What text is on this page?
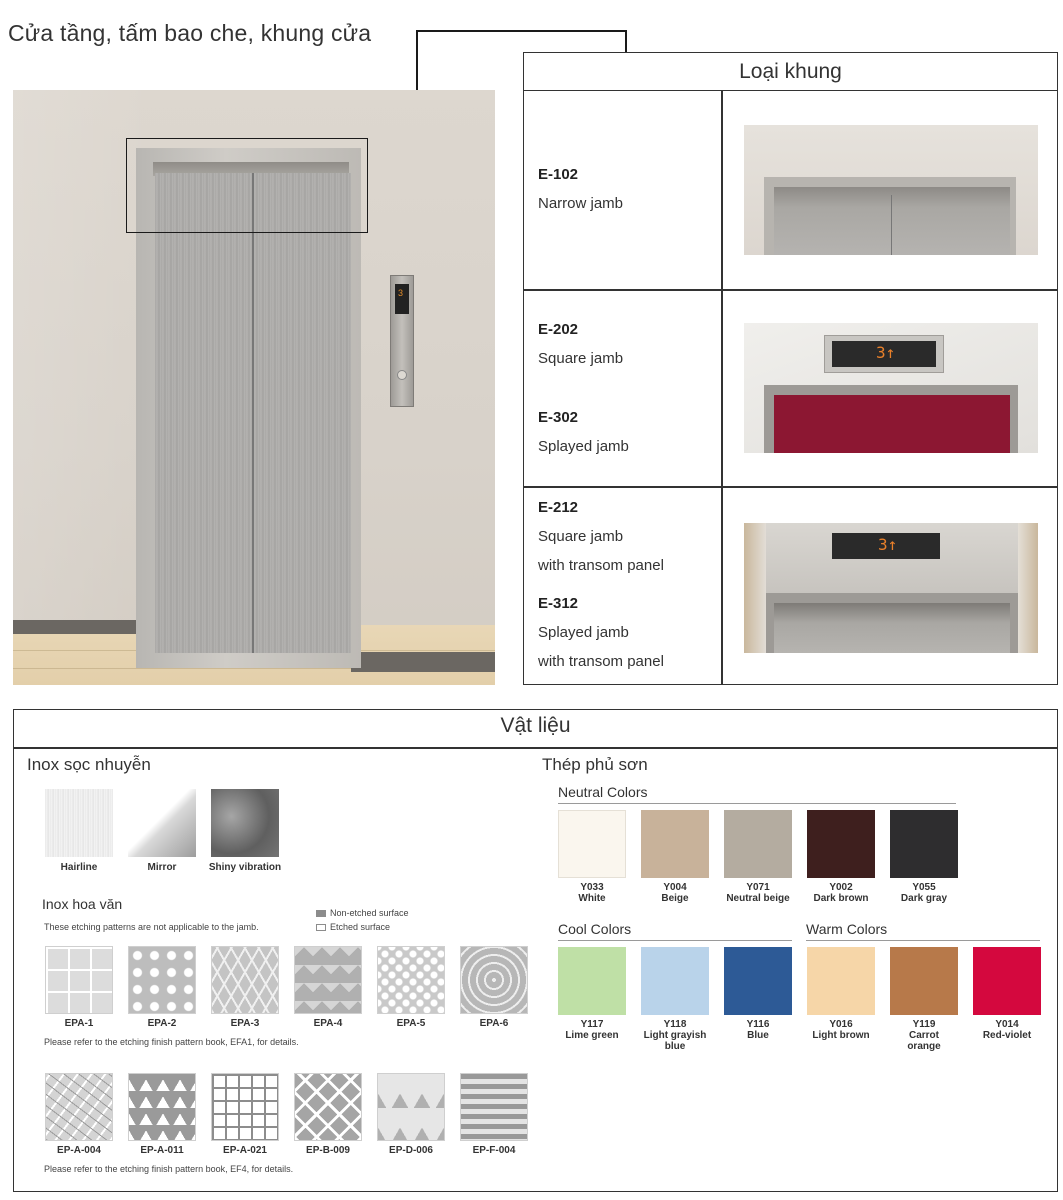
Cửa tầng, tấm bao che, khung cửa
3
Loại khung
E-102
Narrow jamb
E-202
Square jamb
E-302
Splayed jamb
3↑
E-212
Square jamb
with transom panel
E-312
Splayed jamb
with transom panel
3↑
Vật liệu
Inox sọc nhuyễn
Hairline	Mirror	Shiny vibration
Inox hoa văn
These etching patterns are not applicable to the jamb.
Non-etched surface
Etched surface
EPA-1	EPA-2	EPA-3	EPA-4	EPA-5	EPA-6
Please refer to the etching finish pattern book, EFA1, for details.
EP-A-004	EP-A-011	EP-A-021	EP-B-009	EP-D-006	EP-F-004
Please refer to the etching finish pattern book, EF4, for details.
Thép phủ sơn
Neutral Colors
Y033
White
Y004
Beige
Y071
Neutral beige
Y002
Dark brown
Y055
Dark gray
Cool Colors	Warm Colors
Y117
Lime green
Y118
Light grayish
blue
Y116
Blue
Y016
Light brown
Y119
Carrot
orange
Y014
Red-violet
